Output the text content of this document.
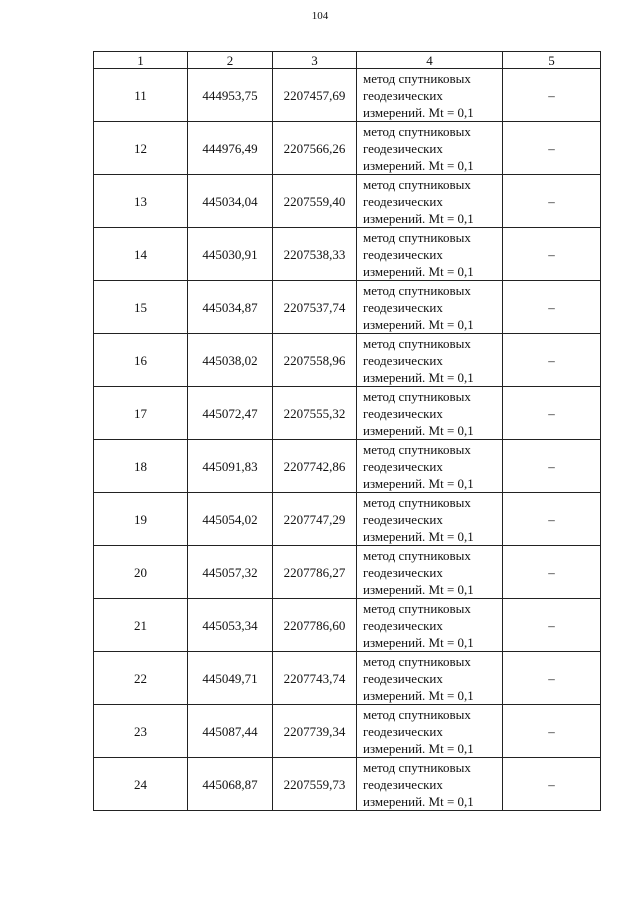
104
1	2	3	4	5
11	444953,75	2207457,69	метод спутниковых
геодезических
измерений. Mt = 0,1	–
12	444976,49	2207566,26	метод спутниковых
геодезических
измерений. Mt = 0,1	–
13	445034,04	2207559,40	метод спутниковых
геодезических
измерений. Mt = 0,1	–
14	445030,91	2207538,33	метод спутниковых
геодезических
измерений. Mt = 0,1	–
15	445034,87	2207537,74	метод спутниковых
геодезических
измерений. Mt = 0,1	–
16	445038,02	2207558,96	метод спутниковых
геодезических
измерений. Mt = 0,1	–
17	445072,47	2207555,32	метод спутниковых
геодезических
измерений. Mt = 0,1	–
18	445091,83	2207742,86	метод спутниковых
геодезических
измерений. Mt = 0,1	–
19	445054,02	2207747,29	метод спутниковых
геодезических
измерений. Mt = 0,1	–
20	445057,32	2207786,27	метод спутниковых
геодезических
измерений. Mt = 0,1	–
21	445053,34	2207786,60	метод спутниковых
геодезических
измерений. Mt = 0,1	–
22	445049,71	2207743,74	метод спутниковых
геодезических
измерений. Mt = 0,1	–
23	445087,44	2207739,34	метод спутниковых
геодезических
измерений. Mt = 0,1	–
24	445068,87	2207559,73	метод спутниковых
геодезических
измерений. Mt = 0,1	–
